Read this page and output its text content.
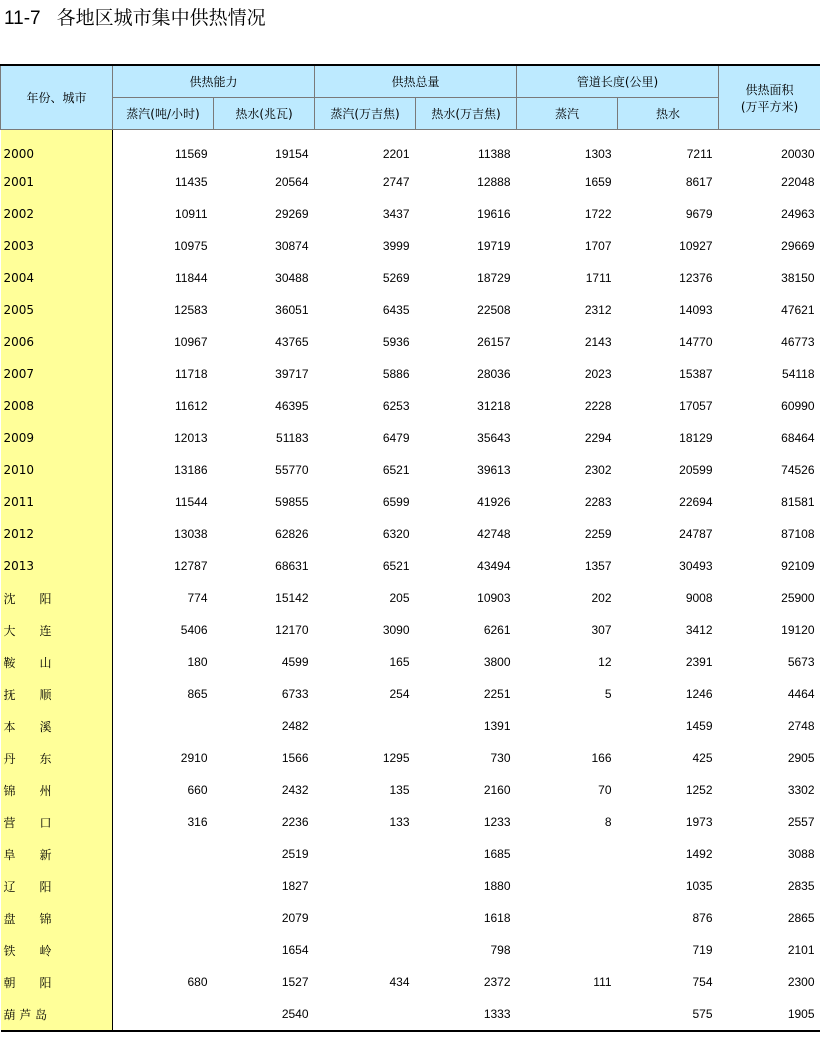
11-7 各地区城市集中供热情况
年份、城市	供热能力		供热总量		管道长度(公里)		供热面积
(万平方米)

	蒸汽(吨/小时)	热水(兆瓦)	蒸汽(万吉焦)	热水(万吉焦)	蒸汽	热水	
2000	11569	19154	2201	11388	1303	7211	20030
2001	11435	20564	2747	12888	1659	8617	22048
2002	10911	29269	3437	19616	1722	9679	24963
2003	10975	30874	3999	19719	1707	10927	29669
2004	11844	30488	5269	18729	1711	12376	38150
2005	12583	36051	6435	22508	2312	14093	47621
2006	10967	43765	5936	26157	2143	14770	46773
2007	11718	39717	5886	28036	2023	15387	54118
2008	11612	46395	6253	31218	2228	17057	60990
2009	12013	51183	6479	35643	2294	18129	68464
2010	13186	55770	6521	39613	2302	20599	74526
2011	11544	59855	6599	41926	2283	22694	81581
2012	13038	62826	6320	42748	2259	24787	87108
2013	12787	68631	6521	43494	1357	30493	92109
沈　　阳	774	15142	205	10903	202	9008	25900
大　　连	5406	12170	3090	6261	307	3412	19120
鞍　　山	180	4599	165	3800	12	2391	5673
抚　　顺	865	6733	254	2251	5	1246	4464
本　　溪		2482		1391		1459	2748
丹　　东	2910	1566	1295	730	166	425	2905
锦　　州	660	2432	135	2160	70	1252	3302
营　　口	316	2236	133	1233	8	1973	2557
阜　　新		2519		1685		1492	3088
辽　　阳		1827		1880		1035	2835
盘　　锦		2079		1618		876	2865
铁　　岭		1654		798		719	2101
朝　　阳	680	1527	434	2372	111	754	2300
葫 芦 岛		2540		1333		575	1905
